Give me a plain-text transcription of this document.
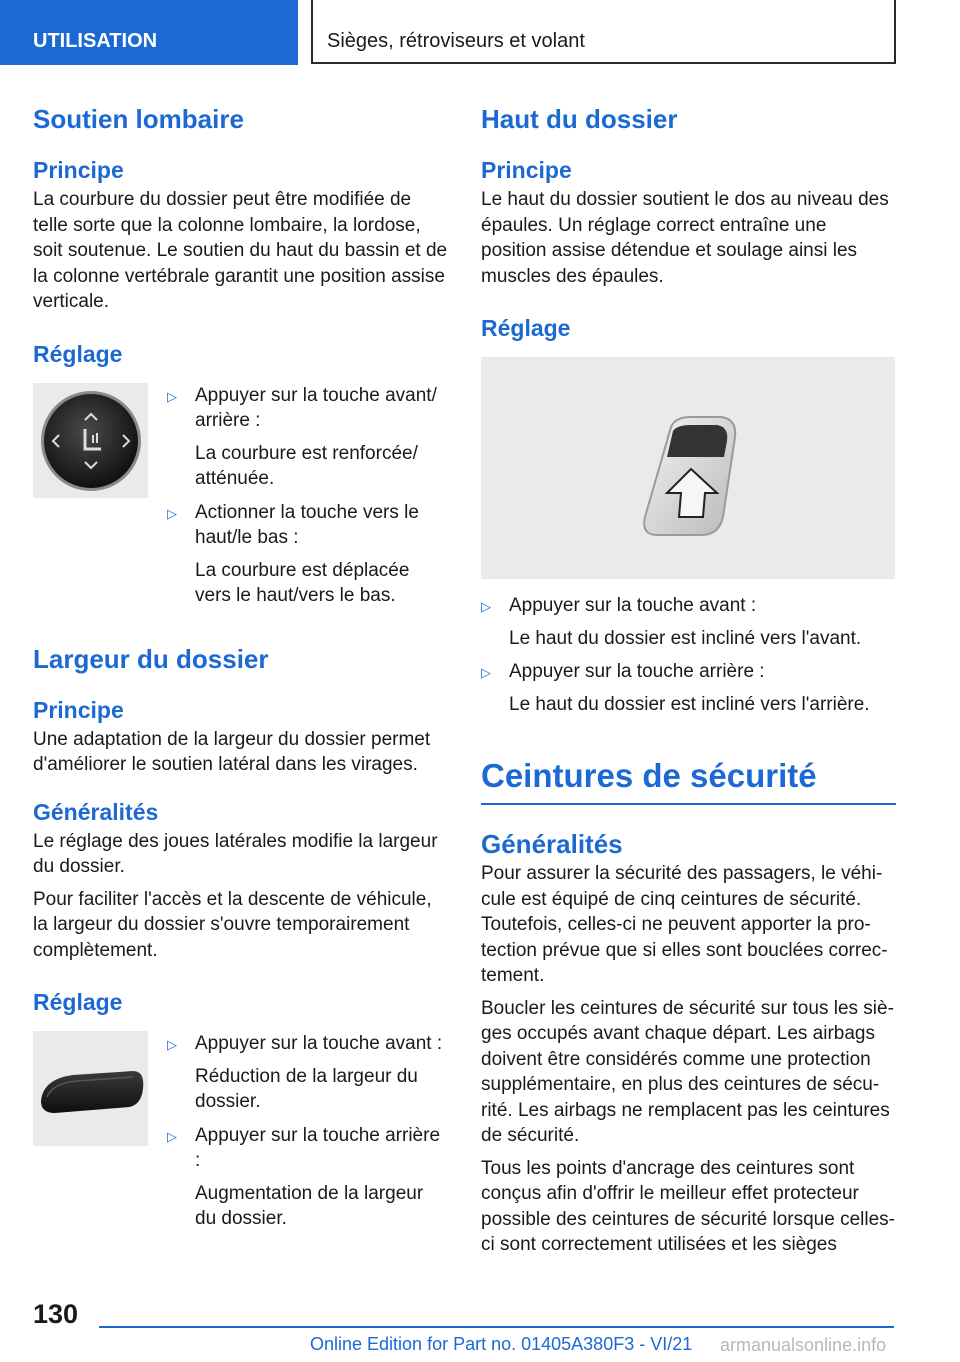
UTILISATION	Sièges, rétroviseurs et volant
Soutien lombaire
Principe

La courbure du dossier peut être modifiée de telle sorte que la colonne lombaire, la lordose, soit soutenue. Le soutien du haut du bassin et de la colonne vertébrale garantit une position assise verticale.

Réglage
▷ Appuyer sur la touche avant/ arrière :

La courbure est renforcée/ atténuée.

▷ Actionner la touche vers le haut/le bas :

La courbure est déplacée vers le haut/vers le bas.

Largeur du dossier
Principe

Une adaptation de la largeur du dossier permet d'améliorer le soutien latéral dans les virages.

Généralités

Le réglage des joues latérales modifie la largeur du dossier.

Pour faciliter l'accès et la descente de véhicule, la largeur du dossier s'ouvre temporairement complètement.

Réglage
▷ Appuyer sur la touche avant :

Réduction de la largeur du dossier.

▷ Appuyer sur la touche arrière :

Augmentation de la largeur du dossier.

Haut du dossier
Principe

Le haut du dossier soutient le dos au niveau des épaules. Un réglage correct entraîne une position assise détendue et soulage ainsi les muscles des épaules.

Réglage
▷ Appuyer sur la touche avant :

Le haut du dossier est incliné vers l'avant.

▷ Appuyer sur la touche arrière :

Le haut du dossier est incliné vers l'arrière.

Ceintures de sécurité
Généralités

Pour assurer la sécurité des passagers, le véhicule est équipé de cinq ceintures de sécurité. Toutefois, celles-ci ne peuvent apporter la protection prévue que si elles sont bouclées correctement.

Boucler les ceintures de sécurité sur tous les sièges occupés avant chaque départ. Les airbags doivent être considérés comme une protection supplémentaire, en plus des ceintures de sécurité. Les airbags ne remplacent pas les ceintures de sécurité.

Tous les points d'ancrage des ceintures sont conçus afin d'offrir le meilleur effet protecteur possible des ceintures de sécurité lorsque celles-ci sont correctement utilisées et les sièges

130
Online Edition for Part no. 01405A380F3 - VI/21 armanualsonline.info
